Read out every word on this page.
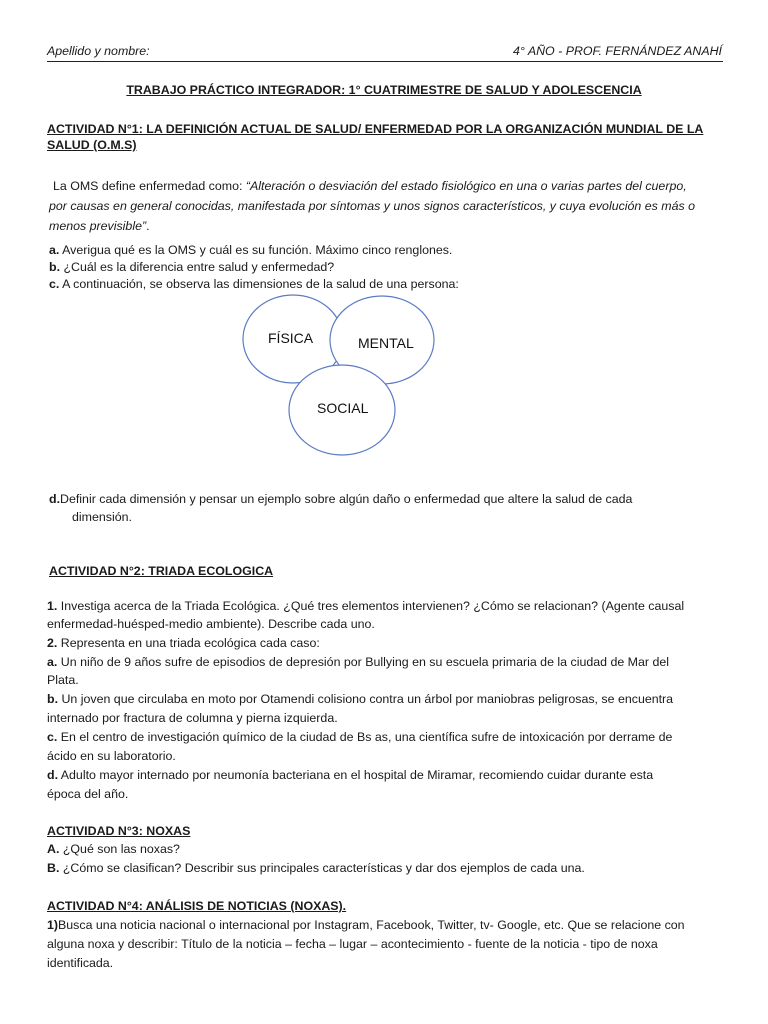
Apellido y nombre:	4° AÑO - PROF. FERNÁNDEZ ANAHÍ
TRABAJO PRÁCTICO INTEGRADOR: 1° CUATRIMESTRE DE SALUD Y ADOLESCENCIA
ACTIVIDAD N°1: LA DEFINICIÓN ACTUAL DE SALUD/ ENFERMEDAD POR LA ORGANIZACIÓN MUNDIAL DE LA
SALUD (O.M.S)
La OMS define enfermedad como: “Alteración o desviación del estado fisiológico en una o varias partes del cuerpo,
por causas en general conocidas, manifestada por síntomas y unos signos característicos, y cuya evolución es más o
menos previsible”.
a. Averigua qué es la OMS y cuál es su función. Máximo cinco renglones.
b. ¿Cuál es la diferencia entre salud y enfermedad?
c. A continuación, se observa las dimensiones de la salud de una persona:
FÍSICA	MENTAL
SOCIAL
d.Definir cada dimensión y pensar un ejemplo sobre algún daño o enfermedad que altere la salud de cada
dimensión.
ACTIVIDAD N°2: TRIADA ECOLOGICA
1. Investiga acerca de la Triada Ecológica. ¿Qué tres elementos intervienen? ¿Cómo se relacionan? (Agente causal
enfermedad-huésped-medio ambiente). Describe cada uno.
2. Representa en una triada ecológica cada caso:
a. Un niño de 9 años sufre de episodios de depresión por Bullying en su escuela primaria de la ciudad de Mar del
Plata.
b. Un joven que circulaba en moto por Otamendi colisiono contra un árbol por maniobras peligrosas, se encuentra
internado por fractura de columna y pierna izquierda.
c. En el centro de investigación químico de la ciudad de Bs as, una científica sufre de intoxicación por derrame de
ácido en su laboratorio.
d. Adulto mayor internado por neumonía bacteriana en el hospital de Miramar, recomiendo cuidar durante esta
época del año.
ACTIVIDAD N°3: NOXAS
A. ¿Qué son las noxas?
B. ¿Cómo se clasifican? Describir sus principales características y dar dos ejemplos de cada una.
ACTIVIDAD N°4: ANÁLISIS DE NOTICIAS (NOXAS).
1)Busca una noticia nacional o internacional por Instagram, Facebook, Twitter, tv- Google, etc. Que se relacione con
alguna noxa y describir: Título de la noticia – fecha – lugar – acontecimiento - fuente de la noticia - tipo de noxa
identificada.
